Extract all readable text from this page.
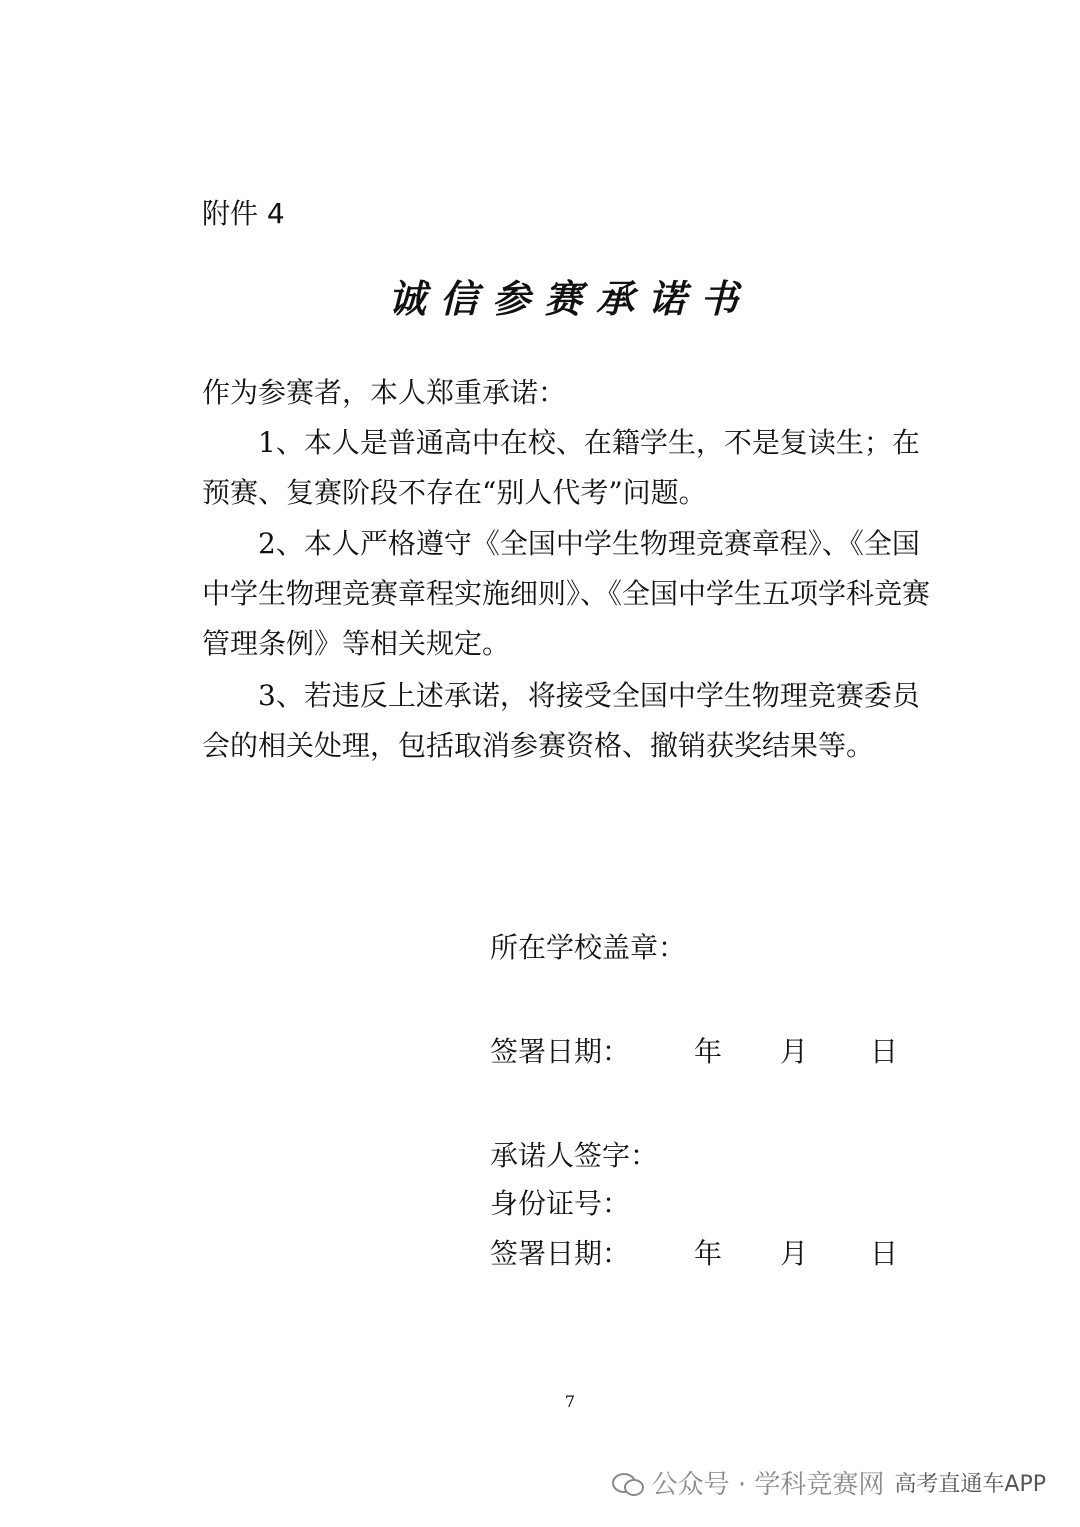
附件 4
诚信参赛承诺书
作为参赛者，本人郑重承诺：
1、本人是普通高中在校、在籍学生，不是复读生；在预赛、复赛阶段不存在“别人代考”问题。
2、本人严格遵守《全国中学生物理竞赛章程》、《全国中学生物理竞赛章程实施细则》、《全国中学生五项学科竞赛管理条例》等相关规定。
3、若违反上述承诺，将接受全国中学生物理竞赛委员会的相关处理，包括取消参赛资格、撤销获奖结果等。
所在学校盖章：
签署日期： 年 月 日
承诺人签字：
身份证号：
签署日期： 年 月 日
7
公众号 · 学科竞赛网 高考直通车APP
